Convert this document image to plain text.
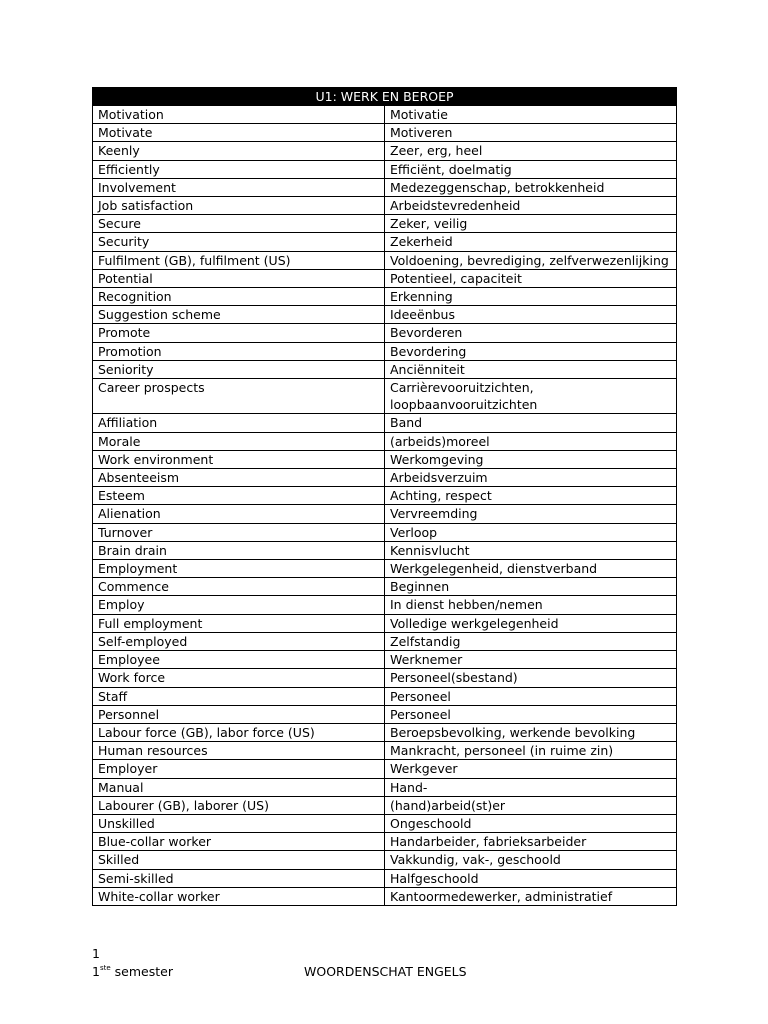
U1: WERK EN BEROEP	
Motivation	Motivatie
Motivate	Motiveren
Keenly	Zeer, erg, heel
Efficiently	Efficiënt, doelmatig
Involvement	Medezeggenschap, betrokkenheid
Job satisfaction	Arbeidstevredenheid
Secure	Zeker, veilig
Security	Zekerheid
Fulfilment (GB), fulfilment (US)	Voldoening, bevrediging, zelfverwezenlijking
Potential	Potentieel, capaciteit
Recognition	Erkenning
Suggestion scheme	Ideeënbus
Promote	Bevorderen
Promotion	Bevordering
Seniority	Anciënniteit
Career prospects	Carrièrevooruitzichten, loopbaanvooruitzichten
Affiliation	Band
Morale	(arbeids)moreel
Work environment	Werkomgeving
Absenteeism	Arbeidsverzuim
Esteem	Achting, respect
Alienation	Vervreemding
Turnover	Verloop
Brain drain	Kennisvlucht
Employment	Werkgelegenheid, dienstverband
Commence	Beginnen
Employ	In dienst hebben/nemen
Full employment	Volledige werkgelegenheid
Self-employed	Zelfstandig
Employee	Werknemer
Work force	Personeel(sbestand)
Staff	Personeel
Personnel	Personeel
Labour force (GB), labor force (US)	Beroepsbevolking, werkende bevolking
Human resources	Mankracht, personeel (in ruime zin)
Employer	Werkgever
Manual	Hand-
Labourer (GB), laborer (US)	(hand)arbeid(st)er
Unskilled	Ongeschoold
Blue-collar worker	Handarbeider, fabrieksarbeider
Skilled	Vakkundig, vak-, geschoold
Semi-skilled	Halfgeschoold
White-collar worker	Kantoormedewerker, administratief
1
1ste semester	WOORDENSCHAT ENGELS
